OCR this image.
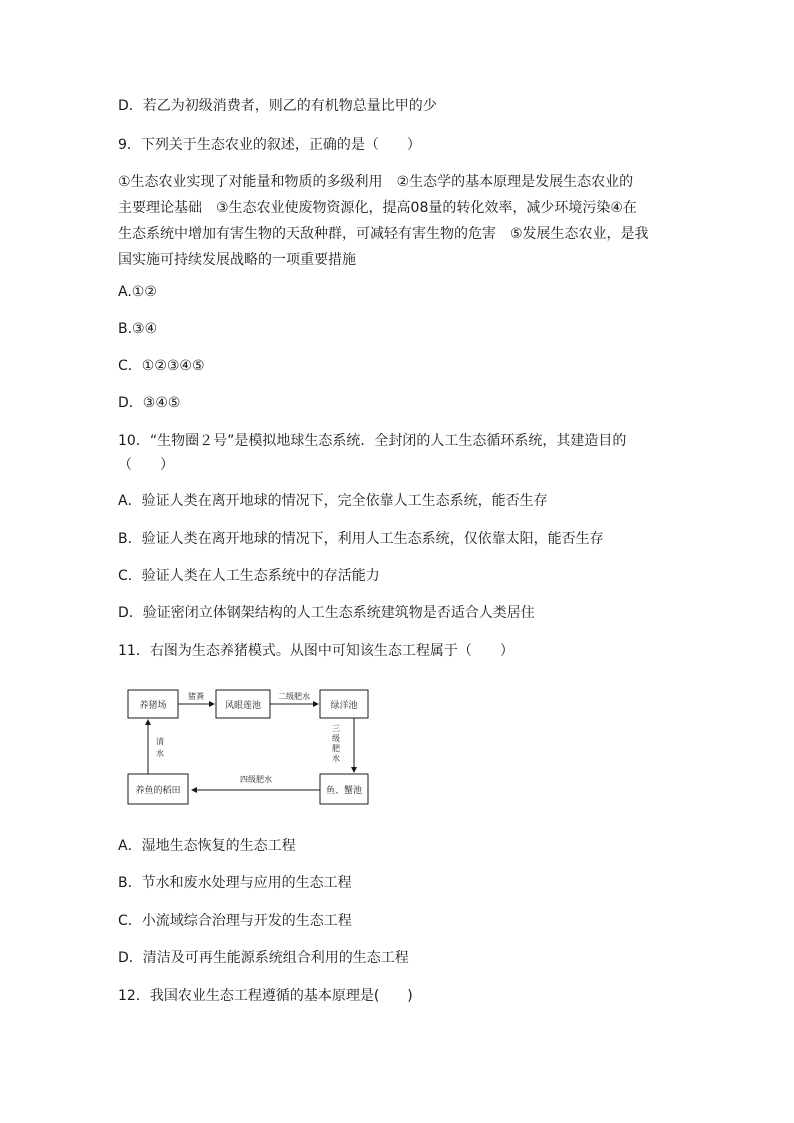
D．若乙为初级消费者，则乙的有机物总量比甲的少
9．下列关于生态农业的叙述，正确的是（　　）
①生态农业实现了对能量和物质的多级利用　②生态学的基本原理是发展生态农业的
主要理论基础　③生态农业使废物资源化，提高08量的转化效率，减少环境污染④在
生态系统中增加有害生物的天敌种群，可减轻有害生物的危害　⑤发展生态农业，是我
国实施可持续发展战略的一项重要措施
A.①②
B.③④
C．①②③④⑤
D．③④⑤
10．“生物圈２号”是模拟地球生态系统．全封闭的人工生态循环系统，其建造目的
（　　）
A．验证人类在离开地球的情况下，完全依靠人工生态系统，能否生存
B．验证人类在离开地球的情况下，利用人工生态系统，仅依靠太阳，能否生存
C．验证人类在人工生态系统中的存活能力
D．验证密闭立体钢架结构的人工生态系统建筑物是否适合人类居住
11．右图为生态养猪模式。从图中可知该生态工程属于（　　）
养猪场	风眼莲池	绿洋池
鱼、蟹池
养鱼的稻田
猪粪	二级肥水
三
级
肥
水
四级肥水
清
水
A．湿地生态恢复的生态工程
B．节水和废水处理与应用的生态工程
C．小流域综合治理与开发的生态工程
D．清洁及可再生能源系统组合利用的生态工程
12．我国农业生态工程遵循的基本原理是(　　)
